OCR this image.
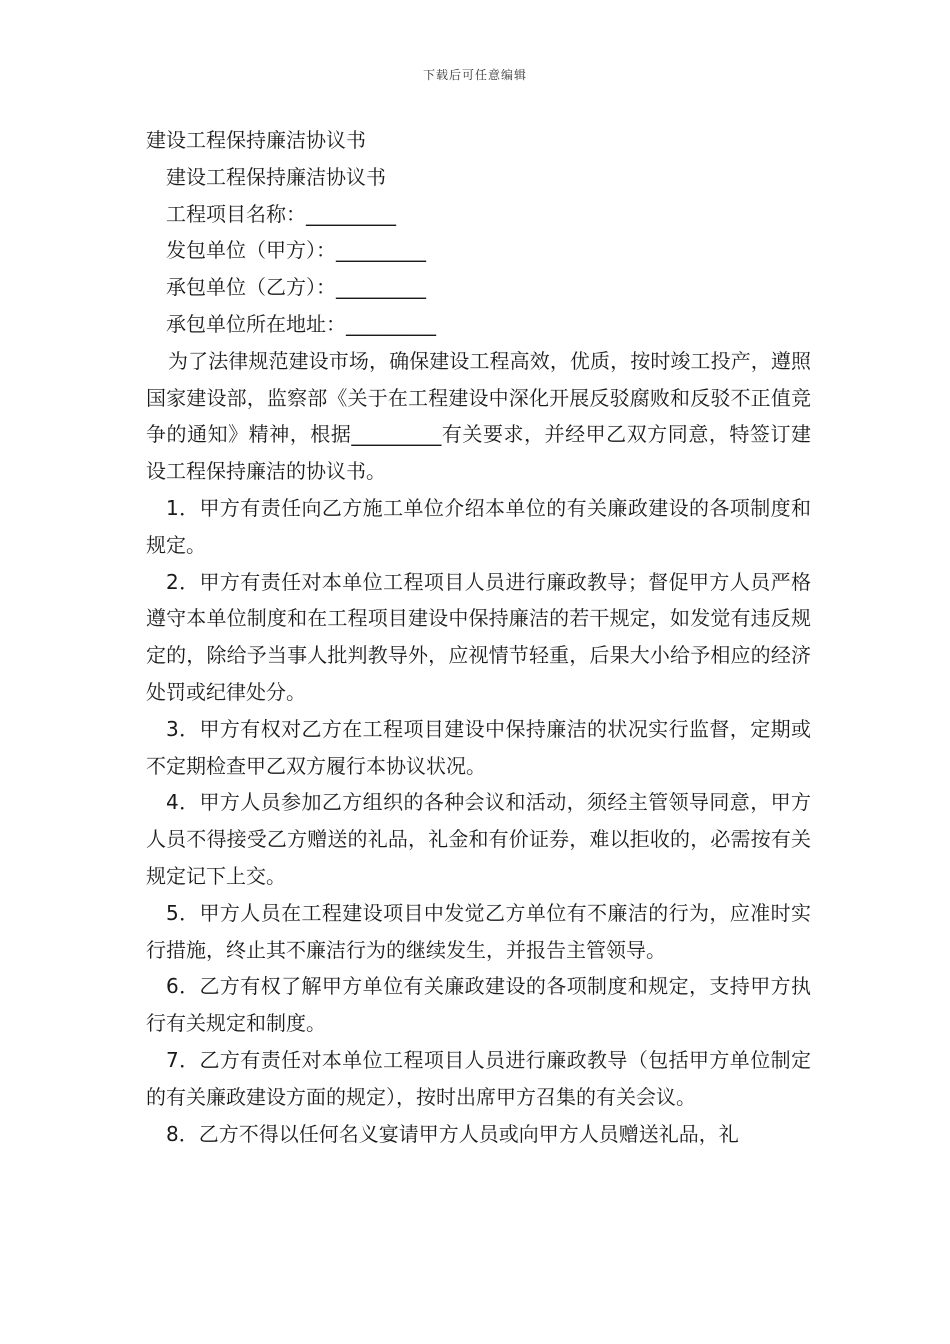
下载后可任意编辑
建设工程保持廉洁协议书
建设工程保持廉洁协议书
工程项目名称：_________
发包单位（甲方）：_________
承包单位（乙方）：_________
承包单位所在地址：_________

为了法律规范建设市场，确保建设工程高效，优质，按时竣工投产，遵照国家建设部，监察部《关于在工程建设中深化开展反驳腐败和反驳不正值竞争的通知》精神，根据_________有关要求，并经甲乙双方同意，特签订建设工程保持廉洁的协议书。

1．甲方有责任向乙方施工单位介绍本单位的有关廉政建设的各项制度和规定。

2．甲方有责任对本单位工程项目人员进行廉政教导；督促甲方人员严格遵守本单位制度和在工程项目建设中保持廉洁的若干规定，如发觉有违反规定的，除给予当事人批判教导外，应视情节轻重，后果大小给予相应的经济处罚或纪律处分。

3．甲方有权对乙方在工程项目建设中保持廉洁的状况实行监督，定期或不定期检查甲乙双方履行本协议状况。

4．甲方人员参加乙方组织的各种会议和活动，须经主管领导同意，甲方人员不得接受乙方赠送的礼品，礼金和有价证券，难以拒收的，必需按有关规定记下上交。

5．甲方人员在工程建设项目中发觉乙方单位有不廉洁的行为，应准时实行措施，终止其不廉洁行为的继续发生，并报告主管领导。

6．乙方有权了解甲方单位有关廉政建设的各项制度和规定，支持甲方执行有关规定和制度。

7．乙方有责任对本单位工程项目人员进行廉政教导（包括甲方单位制定的有关廉政建设方面的规定），按时出席甲方召集的有关会议。

8．乙方不得以任何名义宴请甲方人员或向甲方人员赠送礼品，礼
